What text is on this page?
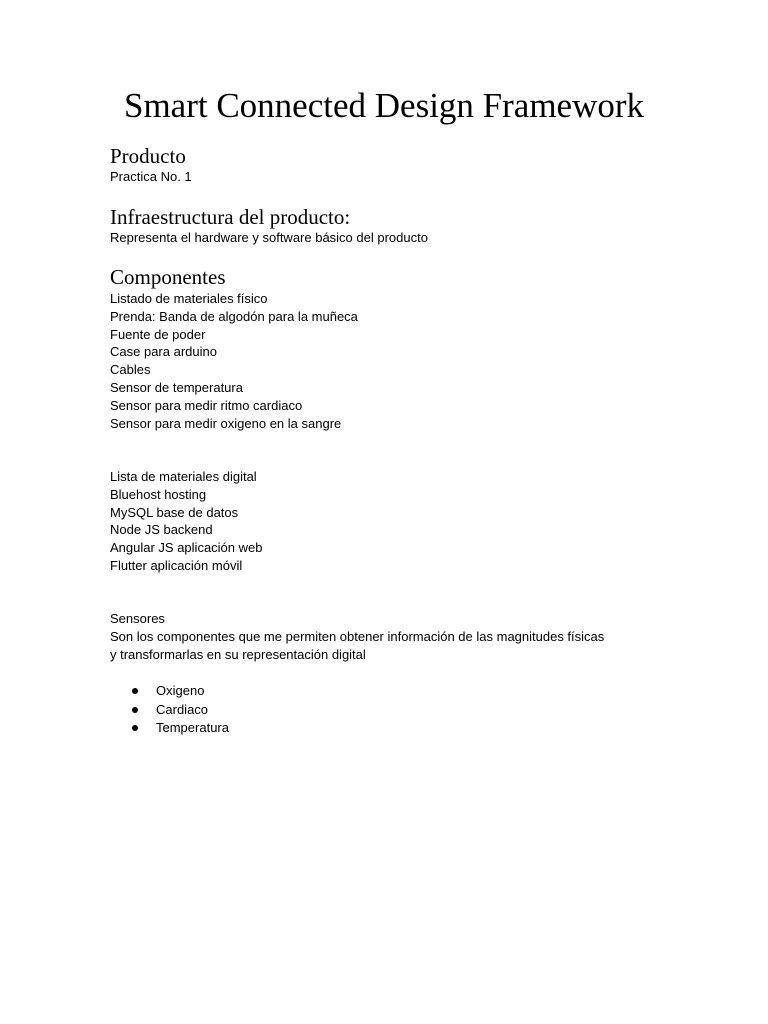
Smart Connected Design Framework
Producto

Practica No. 1

Infraestructura del producto:

Representa el hardware y software básico del producto

Componentes
Listado de materiales físico
Prenda: Banda de algodón para la muñeca
Fuente de poder
Case para arduino
Cables
Sensor de temperatura
Sensor para medir ritmo cardiaco
Sensor para medir oxigeno en la sangre
Lista de materiales digital
Bluehost hosting
MySQL base de datos
Node JS backend
Angular JS aplicación web
Flutter aplicación móvil

Sensores

Son los componentes que me permiten obtener información de las magnitudes físicas

y transformarlas en su representación digital

Oxigeno
Cardiaco
Temperatura
